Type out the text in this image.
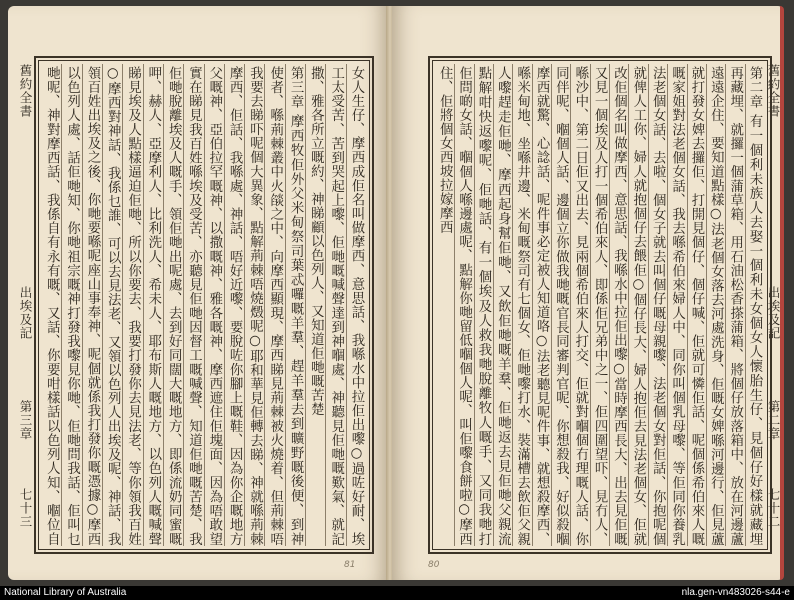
舊約全書
出埃及記第三章
七十三
女人生仔、摩西成佢名叫做摩西、意思話、我喺水中拉佢出嚟○過咗好耐、埃
工太受苦、苦到哭起上嚟、佢哋嘅喊聲達到神嗰處、神聽見佢哋嘅歎氣、就記
撒、雅各所立嘅約、神睇顧以色列人、又知道佢哋嘅苦楚
第三章 摩西牧佢外父米甸祭司葉忒囉嘅羊羣、趕羊羣去到曠野嘅後便、到神
使者、喺荊棘叢中火燄之中、向摩西顯現、摩西睇見荊棘被火燒着、但荊棘唔
我要去睇吓呢個大異象、點解荊棘唔燒燬呢○耶和華見佢轉去睇、神就喺荊棘
摩西、佢話、我喺處、神話、唔好近嚟、要脫咗你腳上嘅鞋、因為你企嘅地方
父嘅神、亞伯拉罕嘅神、以撒嘅神、雅各嘅神、摩西遮住佢塊面、因為唔敢望
實在睇見我百姓喺埃及受苦、亦聽見佢哋因督工嘅喊聲、知道佢哋嘅苦楚、我
佢哋脫離埃及人嘅手、領佢哋出呢處、去到好同闊大嘅地方、即係流奶同蜜嘅
呷、赫人、亞摩利人、比利洗人、希未人、耶布斯人嘅地方、以色列人嘅喊聲
睇見埃及人點樣逼迫佢哋、所以你要去、我要打發你去見法老、等你領我百姓
○摩西對神話、我係乜誰、可以去見法老、又領以色列人出埃及呢、神話、我
領百姓出埃及之後、你哋要喺呢座山事奉神、呢個就係我打發你嘅憑據○摩西
以色列人處、話佢哋知、你哋祖宗嘅神打發我嚟見你哋、佢哋問我話、佢叫乜
哋呢、神對摩西話、我係自有永有嘅、又話、你要咁樣話以色列人知、嗰位自
81
舊約全書
出埃及記第二章
七十二
第二章 有一個利未族人去娶一個利未女個女人懷胎生仔、見個仔好樣就藏埋
再藏埋、就攞一個蒲草箱、用石油松香搽蒲箱、將個仔放落箱中、放在河邊蘆
遠遠企住、要知道點樣○法老個女落去河處洗身、佢嘅女婢喺河邊行、佢見蘆
就打發女婢去攞佢、打開見個仔、個仔喊、佢就可憐佢話、呢個係希伯來人嘅
嘅家姐對法老個女話、我去喺希伯來婦人中、同你叫個乳母嚟、等佢同你養乳
法老個女話、去啦、個女子就去叫個仔嘅母親嚟、法老個女對佢話、你抱呢個
就俾人工你、婦人就抱個仔去餵佢○個仔長大、婦人抱佢去見法老個女、佢就
改佢個名叫做摩西、意思話、我喺水中拉佢出嚟○當時摩西長大、出去見佢嘅
又見一個埃及人打一個希伯來人、即係佢兄弟中之一、佢四圍望吓、見冇人、
喺沙中、第二日佢又出去、見兩個希伯來人打交、佢就對嗰個冇理嘅人話、你
同伴呢、嗰個人話、邊個立你做我哋嘅官長同審判官呢、你想殺我、好似殺嗰
摩西就驚、心諗話、呢件事必定被人知道咯○法老聽見呢件事、就想殺摩西、
喺米甸地、坐喺井邊、米甸嘅祭司有七個女、佢哋嚟打水、裝滿槽去飲佢父親
人嚟趕走佢哋、摩西起身幫佢哋、又飲佢哋嘅羊羣、佢哋返去見佢哋父親流
點解咁快返嚟呢、佢哋話、有一個埃及人救我哋脫離牧人嘅手、又同我哋打
佢問啲女話、嗰個人喺邊處呢、點解你哋留低嗰個人呢、叫佢嚟食餅啦○摩西
住、佢將個女西坡拉嫁摩西
80
National Library of Australia	nla.gen-vn483026-s44-e
